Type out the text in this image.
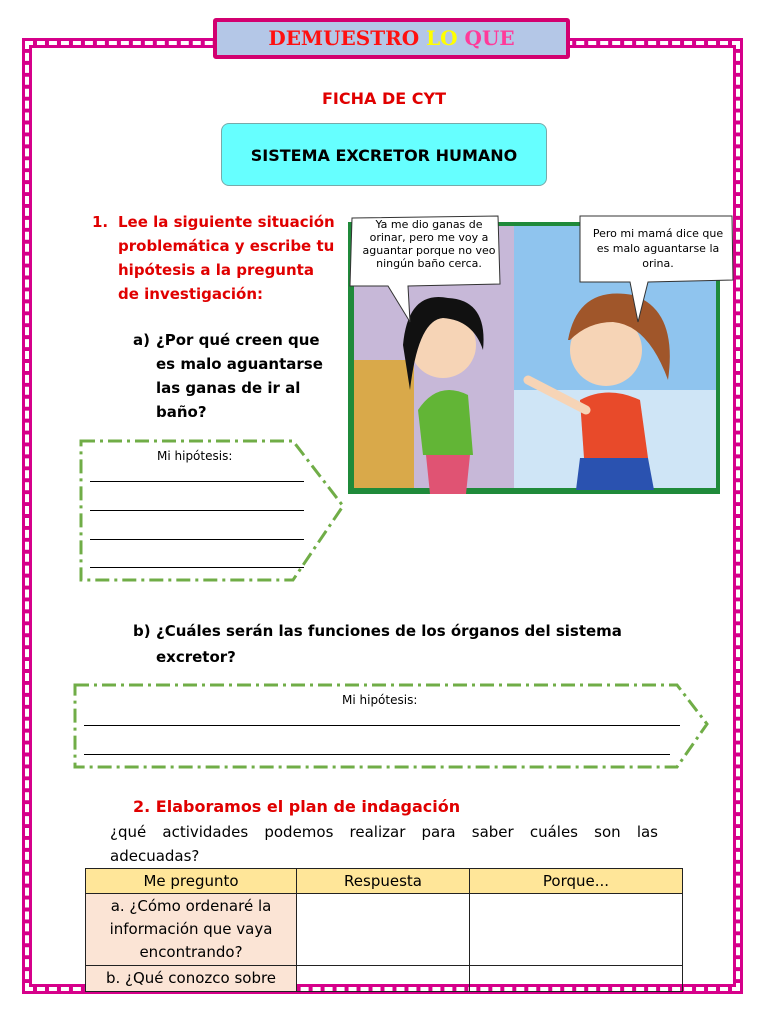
DEMUESTRO LO QUE
FICHA DE CYT
SISTEMA EXCRETOR HUMANO
1. Lee la siguiente situación problemática y escribe tu hipótesis a la pregunta de investigación:
a) ¿Por qué creen que es malo aguantarse las ganas de ir al baño?
Mi hipótesis:
Ya me dio ganas de orinar, pero me voy a aguantar porque no veo ningún baño cerca.
Pero mi mamá dice que es malo aguantarse la orina.
b) ¿Cuáles serán las funciones de los órganos del sistema excretor?
Mi hipótesis:
2. Elaboramos el plan de indagación
¿qué actividades podemos realizar para saber cuáles son las adecuadas?
Me pregunto	Respuesta	Porque...
a. ¿Cómo ordenaré la información que vaya encontrando?		
b. ¿Qué conozco sobre		
